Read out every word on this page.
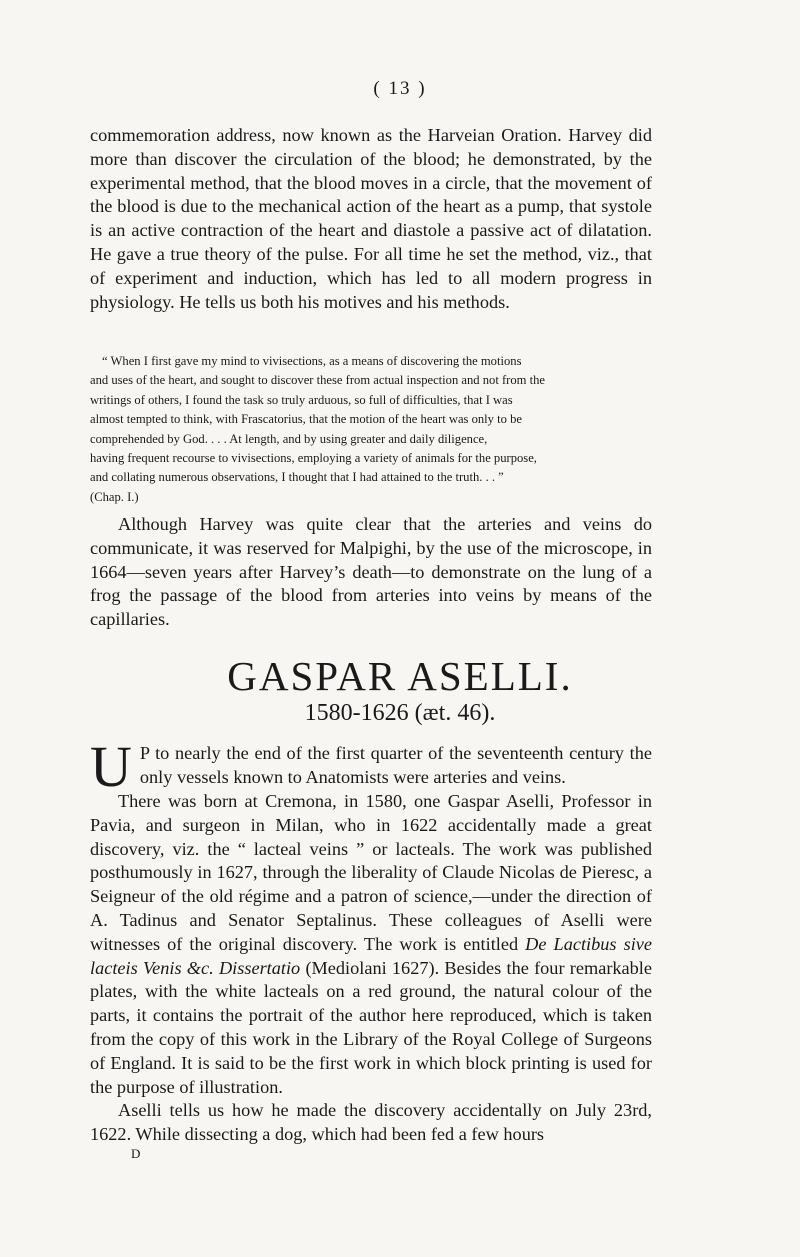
( 13 )

commemoration address, now known as the Harveian Oration. Harvey did more than discover the circulation of the blood; he demonstrated, by the experimental method, that the blood moves in a circle, that the movement of the blood is due to the mechanical action of the heart as a pump, that systole is an active contraction of the heart and diastole a passive act of dilatation. He gave a true theory of the pulse. For all time he set the method, viz., that of experiment and induction, which has led to all modern progress in physiology. He tells us both his motives and his methods.

“ When I first gave my mind to vivisections, as a means of discovering the motions
and uses of the heart, and sought to discover these from actual inspection and not from the
writings of others, I found the task so truly arduous, so full of difficulties, that I was
almost tempted to think, with Frascatorius, that the motion of the heart was only to be
comprehended by God. . . . At length, and by using greater and daily diligence,
having frequent recourse to vivisections, employing a variety of animals for the purpose,
and collating numerous observations, I thought that I had attained to the truth. . . ”
(Chap. I.)

Although Harvey was quite clear that the arteries and veins do communicate, it was reserved for Malpighi, by the use of the microscope, in 1664—seven years after Harvey’s death—to demonstrate on the lung of a frog the passage of the blood from arteries into veins by means of the capillaries.

GASPAR ASELLI.
1580-1626 (æt. 46).

U P to nearly the end of the first quarter of the seventeenth century the only vessels known to Anatomists were arteries and veins.

There was born at Cremona, in 1580, one Gaspar Aselli, Professor in Pavia, and surgeon in Milan, who in 1622 accidentally made a great discovery, viz. the “ lacteal veins ” or lacteals. The work was published posthumously in 1627, through the liberality of Claude Nicolas de Pieresc, a Seigneur of the old régime and a patron of science,—under the direction of A. Tadinus and Senator Septalinus. These colleagues of Aselli were witnesses of the original discovery. The work is entitled De Lactibus sive lacteis Venis &c. Dissertatio (Mediolani 1627). Besides the four remarkable plates, with the white lacteals on a red ground, the natural colour of the parts, it contains the portrait of the author here reproduced, which is taken from the copy of this work in the Library of the Royal College of Surgeons of England. It is said to be the first work in which block printing is used for the purpose of illustration.

Aselli tells us how he made the discovery accidentally on July 23rd, 1622. While dissecting a dog, which had been fed a few hours

D
